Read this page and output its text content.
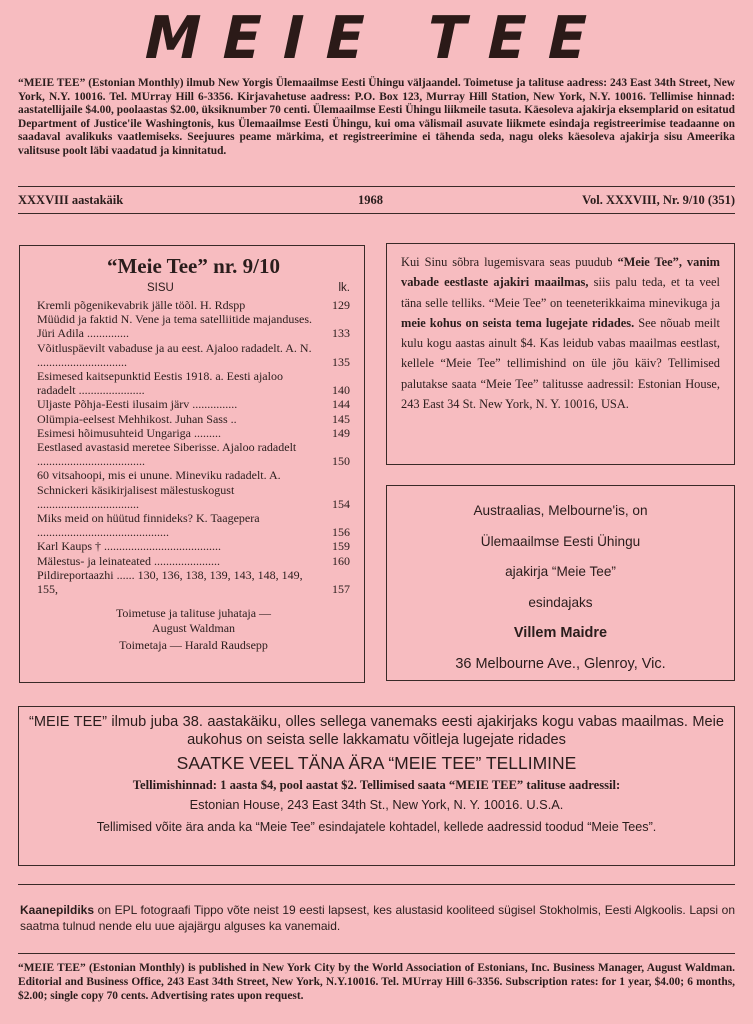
MEIE TEE
“MEIE TEE” (Estonian Monthly) ilmub New Yorgis Ülemaailmse Eesti Ühingu väljaandel. Toimetuse ja talituse aadress: 243 East 34th Street, New York, N.Y. 10016. Tel. MUrray Hill 6-3356. Kirjavahetuse aadress: P.O. Box 123, Murray Hill Station, New York, N.Y. 10016. Tellimise hinnad: aastatellijaile $4.00, poolaastas $2.00, üksiknumber 70 centi. Ülemaailmse Eesti Ühingu liikmeile tasuta. Käesoleva ajakirja eksemplarid on esitatud Department of Justice'ile Washingtonis, kus Ülemaailmse Eesti Ühingu, kui oma välismail asuvate liikmete esindaja registreerimise teadaanne on saadaval avalikuks vaatlemiseks. Seejuures peame märkima, et registreerimine ei tähenda seda, nagu oleks käesoleva ajakirja sisu Ameerika valitsuse poolt läbi vaadatud ja kinnitatud.
XXXVIII aastakäik	1968	Vol. XXXVIII, Nr. 9/10 (351)
“Meie Tee” nr. 9/10
SISU	lk.
Kremli põgenikevabrik jälle töõl. H. Rdspp	129
Müüdid ja faktid N. Vene ja tema satelliitide majanduses. Jüri Adila ..............	133
Võitluspäevilt vabaduse ja au eest. Ajaloo radadelt. A. N. ..............................	135
Esimesed kaitsepunktid Eestis 1918. a. Eesti ajaloo radadelt ......................	140
Uljaste Põhja-Eesti ilusaim järv ...............	144
Olümpia-eelsest Mehhikost. Juhan Sass ..	145
Esimesi hõimusuhteid Ungariga .........	149
Eestlased avastasid meretee Siberisse. Ajaloo radadelt ....................................	150
60 vitsahoopi, mis ei unune. Mineviku radadelt. A. Schnickeri käsikirjalisest mälestuskogust ..................................	154
Miks meid on hüütud finnideks? K. Taagepera ............................................	156
Karl Kaups † .......................................	159
Mälestus- ja leinateated ......................	160
Pildireportaazhi ...... 130, 136, 138, 139, 143, 148, 149, 155,	157
Toimetuse ja talituse juhataja —
August Waldman
Toimetaja — Harald Raudsepp
Kui Sinu sõbra lugemisvara seas puudub “Meie Tee”, vanim vabade eestlaste ajakiri maailmas, siis palu teda, et ta veel täna selle telliks. “Meie Tee” on teeneterikkaima minevikuga ja meie kohus on seista tema lugejate ridades. See nõuab meilt kulu kogu aastas ainult $4. Kas leidub vabas maailmas eestlast, kellele “Meie Tee” tellimishind on üle jõu käiv? Tellimised palutakse saata “Meie Tee” talitusse aadressil: Estonian House, 243 East 34 St. New York, N. Y. 10016, USA.
Austraalias, Melbourne'is, on
Ülemaailmse Eesti Ühingu
ajakirja “Meie Tee”
esindajaks
Villem Maidre
36 Melbourne Ave., Glenroy, Vic.
“MEIE TEE” ilmub juba 38. aastakäiku, olles sellega vanemaks eesti ajakirjaks kogu vabas maailmas. Meie aukohus on seista selle lakkamatu võitleja lugejate ridades
SAATKE VEEL TÄNA ÄRA “MEIE TEE” TELLIMINE
Tellimishinnad: 1 aasta $4, pool aastat $2. Tellimised saata “MEIE TEE” talituse aadressil:
Estonian House, 243 East 34th St., New York, N. Y. 10016. U.S.A.
Tellimised võite ära anda ka “Meie Tee” esindajatele kohtadel, kellede aadressid toodud “Meie Tees”.
Kaanepildiks on EPL fotograafi Tippo võte neist 19 eesti lapsest, kes alustasid kooliteed sügisel Stokholmis, Eesti Algkoolis. Lapsi on saatma tulnud nende elu uue ajajärgu alguses ka vanemaid.
“MEIE TEE” (Estonian Monthly) is published in New York City by the World Association of Estonians, Inc. Business Manager, August Waldman. Editorial and Business Office, 243 East 34th Street, New York, N.Y.10016. Tel. MUrray Hill 6-3356. Subscription rates: for 1 year, $4.00; 6 months, $2.00; single copy 70 cents. Advertising rates upon request.
